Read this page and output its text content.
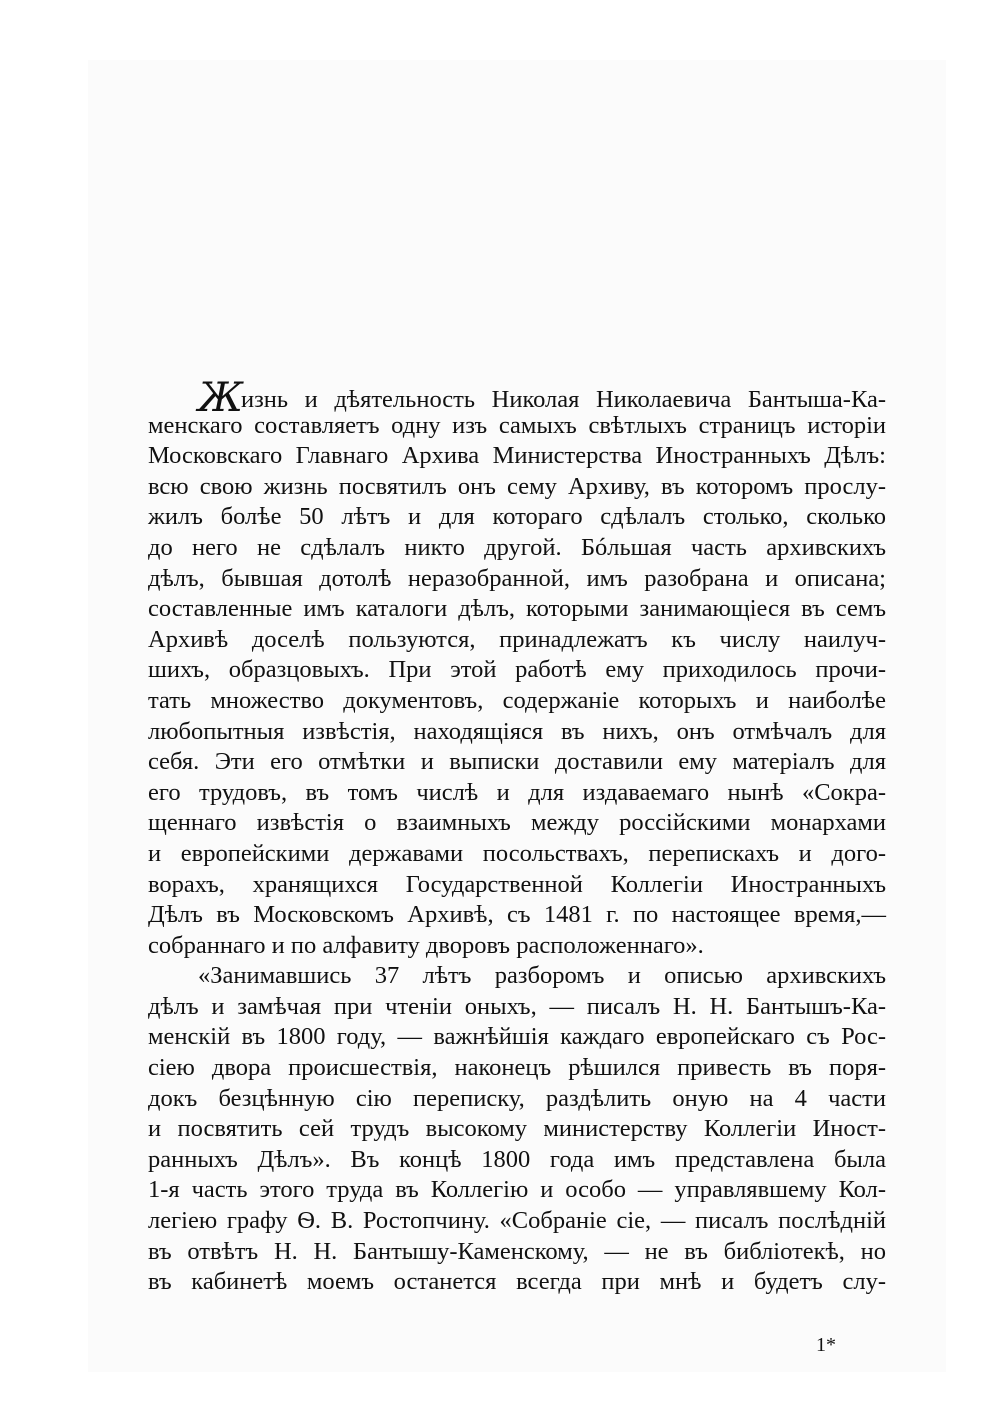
Жизнь и дѣятельность Николая Николаевича Бантыша-Ка-
менскаго составляетъ одну изъ самыхъ свѣтлыхъ страницъ исторіи
Московскаго Главнаго Архива Министерства Иностранныхъ Дѣлъ:
всю свою жизнь посвятилъ онъ сему Архиву, въ которомъ прослу-
жилъ болѣе 50 лѣтъ и для котораго сдѣлалъ столько, сколько
до него не сдѣлалъ никто другой. Бóльшая часть архивскихъ
дѣлъ, бывшая дотолѣ неразобранной, имъ разобрана и описана;
составленные имъ каталоги дѣлъ, которыми занимающіеся въ семъ
Архивѣ доселѣ пользуются, принадлежатъ къ числу наилуч-
шихъ, образцовыхъ. При этой работѣ ему приходилось прочи-
тать множество документовъ, содержаніе которыхъ и наиболѣе
любопытныя извѣстія, находящіяся въ нихъ, онъ отмѣчалъ для
себя. Эти его отмѣтки и выписки доставили ему матеріалъ для
его трудовъ, въ томъ числѣ и для издаваемаго нынѣ «Сокра-
щеннаго извѣстія о взаимныхъ между россійскими монархами
и европейскими державами посольствахъ, перепискахъ и дого-
ворахъ, хранящихся Государственной Коллегіи Иностранныхъ
Дѣлъ въ Московскомъ Архивѣ, съ 1481 г. по настоящее время,—
собраннаго и по алфавиту дворовъ расположеннаго».
«Занимавшись 37 лѣтъ разборомъ и описью архивскихъ
дѣлъ и замѣчая при чтеніи оныхъ, — писалъ Н. Н. Бантышъ-Ка-
менскій въ 1800 году, — важнѣйшія каждаго европейскаго съ Рос-
сіею двора происшествія, наконецъ рѣшился привесть въ поря-
докъ безцѣнную сію переписку, раздѣлить оную на 4 части
и посвятить сей трудъ высокому министерству Коллегіи Иност-
ранныхъ Дѣлъ». Въ концѣ 1800 года имъ представлена была
1-я часть этого труда въ Коллегію и особо — управлявшему Кол-
легіею графу Ѳ. В. Ростопчину. «Собраніе сіе, — писалъ послѣдній
въ отвѣтъ Н. Н. Бантышу-Каменскому, — не въ библіотекѣ, но
въ кабинетѣ моемъ останется всегда при мнѣ и будетъ слу-
1*
